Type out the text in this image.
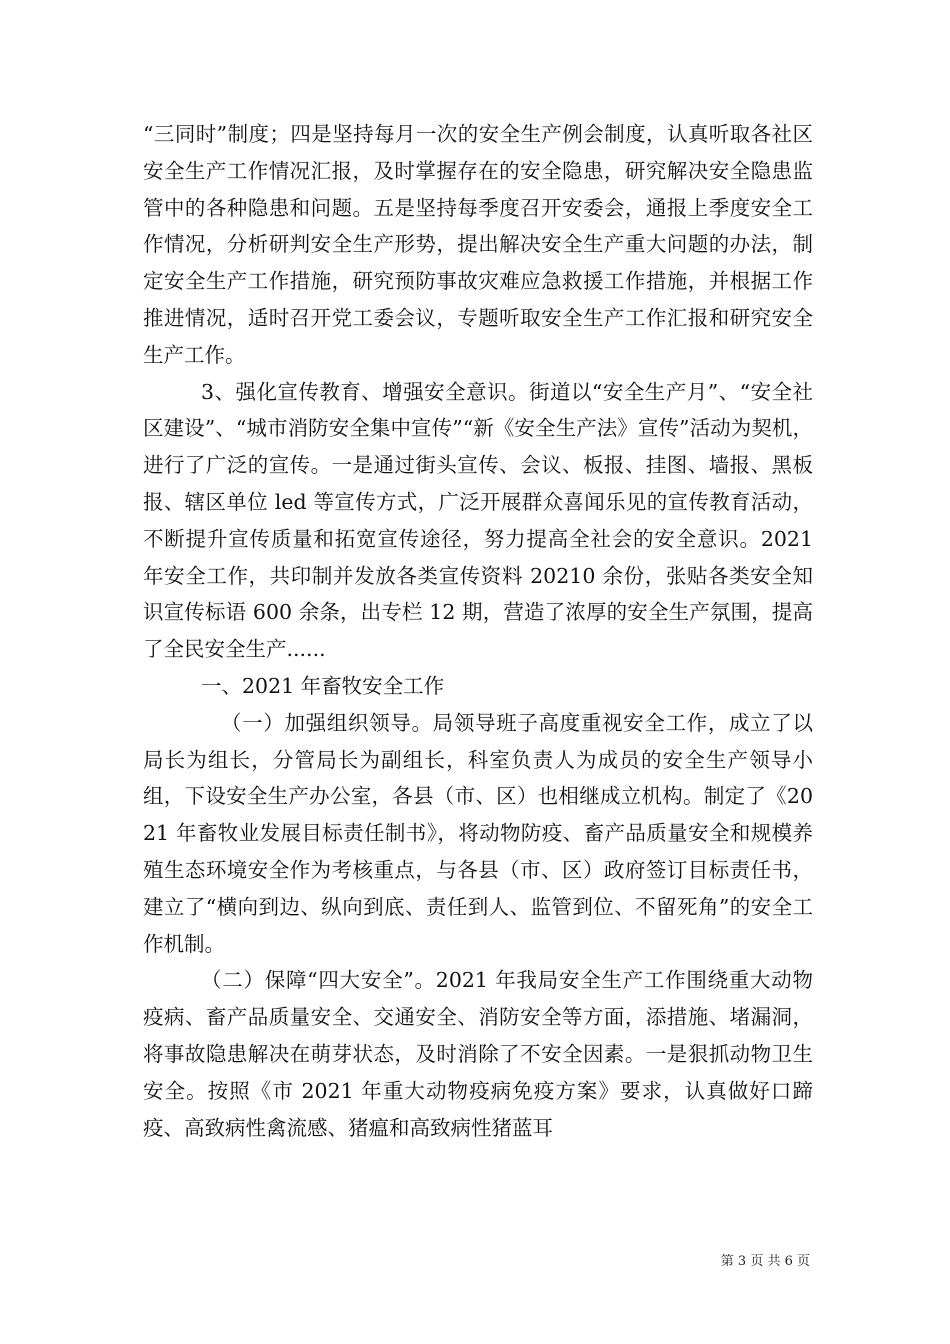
“三同时”制度；四是坚持每月一次的安全生产例会制度，认真听取各社区安全生产工作情况汇报，及时掌握存在的安全隐患，研究解决安全隐患监管中的各种隐患和问题。五是坚持每季度召开安委会，通报上季度安全工作情况，分析研判安全生产形势，提出解决安全生产重大问题的办法，制定安全生产工作措施，研究预防事故灾难应急救援工作措施，并根据工作推进情况，适时召开党工委会议，专题听取安全生产工作汇报和研究安全生产工作。

3、强化宣传教育、增强安全意识。街道以“安全生产月”、“安全社区建设”、“城市消防安全集中宣传”“新《安全生产法》宣传”活动为契机，进行了广泛的宣传。一是通过街头宣传、会议、板报、挂图、墙报、黑板报、辖区单位 led 等宣传方式，广泛开展群众喜闻乐见的宣传教育活动，不断提升宣传质量和拓宽宣传途径，努力提高全社会的安全意识。2021 年安全工作，共印制并发放各类宣传资料 20210 余份，张贴各类安全知识宣传标语 600 余条，出专栏 12 期，营造了浓厚的安全生产氛围，提高了全民安全生产......

一、2021 年畜牧安全工作

（一）加强组织领导。局领导班子高度重视安全工作，成立了以局长为组长，分管局长为副组长，科室负责人为成员的安全生产领导小组，下设安全生产办公室，各县（市、区）也相继成立机构。制定了《2021 年畜牧业发展目标责任制书》，将动物防疫、畜产品质量安全和规模养殖生态环境安全作为考核重点，与各县（市、区）政府签订目标责任书，建立了“横向到边、纵向到底、责任到人、监管到位、不留死角”的安全工作机制。

（二）保障“四大安全”。2021 年我局安全生产工作围绕重大动物疫病、畜产品质量安全、交通安全、消防安全等方面，添措施、堵漏洞，将事故隐患解决在萌芽状态，及时消除了不安全因素。一是狠抓动物卫生安全。按照《市 2021 年重大动物疫病免疫方案》要求，认真做好口蹄疫、高致病性禽流感、猪瘟和高致病性猪蓝耳

第 3 页 共 6 页
